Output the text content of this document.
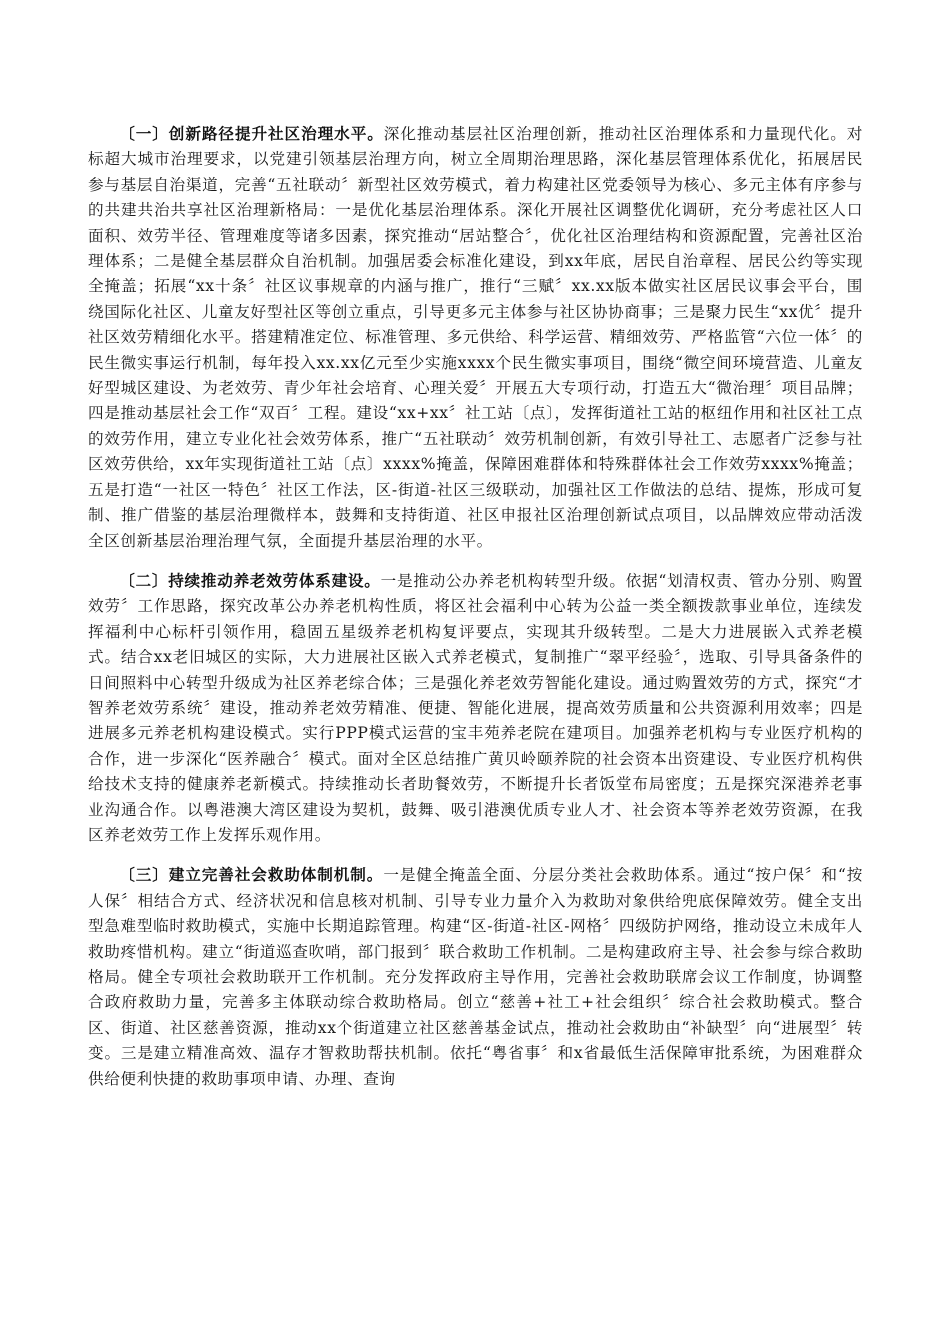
〔一〕创新路径提升社区治理水平。深化推动基层社区治理创新，推动社区治理体系和力量现代化。对标超大城市治理要求，以党建引领基层治理方向，树立全周期治理思路，深化基层管理体系优化，拓展居民参与基层自治渠道，完善“五社联动〞新型社区效劳模式，着力构建社区党委领导为核心、多元主体有序参与的共建共治共享社区治理新格局：一是优化基层治理体系。深化开展社区调整优化调研，充分考虑社区人口面积、效劳半径、管理难度等诸多因素，探究推动“居站整合〞，优化社区治理结构和资源配置，完善社区治理体系；二是健全基层群众自治机制。加强居委会标准化建设，到xx年底，居民自治章程、居民公约等实现全掩盖；拓展“xx十条〞社区议事规章的内涵与推广，推行“三赋〞xx.xx版本做实社区居民议事会平台，围绕国际化社区、儿童友好型社区等创立重点，引导更多元主体参与社区协协商事；三是聚力民生“xx优〞提升社区效劳精细化水平。搭建精准定位、标准管理、多元供给、科学运营、精细效劳、严格监管“六位一体〞的民生微实事运行机制，每年投入xx.xx亿元至少实施xxxx个民生微实事项目，围绕“微空间环境营造、儿童友好型城区建设、为老效劳、青少年社会培育、心理关爱〞开展五大专项行动，打造五大“微治理〞项目品牌；四是推动基层社会工作“双百〞工程。建设“xx+xx〞社工站〔点〕，发挥街道社工站的枢纽作用和社区社工点的效劳作用，建立专业化社会效劳体系，推广“五社联动〞效劳机制创新，有效引导社工、志愿者广泛参与社区效劳供给，xx年实现街道社工站〔点〕xxxx%掩盖，保障困难群体和特殊群体社会工作效劳xxxx%掩盖；五是打造“一社区一特色〞社区工作法，区-街道-社区三级联动，加强社区工作做法的总结、提炼，形成可复制、推广借鉴的基层治理微样本，鼓舞和支持街道、社区申报社区治理创新试点项目，以品牌效应带动活泼全区创新基层治理治理气氛，全面提升基层治理的水平。

〔二〕持续推动养老效劳体系建设。一是推动公办养老机构转型升级。依据“划清权责、管办分别、购置效劳〞工作思路，探究改革公办养老机构性质，将区社会福利中心转为公益一类全额拨款事业单位，连续发挥福利中心标杆引领作用，稳固五星级养老机构复评要点，实现其升级转型。二是大力进展嵌入式养老模式。结合xx老旧城区的实际，大力进展社区嵌入式养老模式，复制推广“翠平经验〞，选取、引导具备条件的日间照料中心转型升级成为社区养老综合体；三是强化养老效劳智能化建设。通过购置效劳的方式，探究“才智养老效劳系统〞建设，推动养老效劳精准、便捷、智能化进展，提高效劳质量和公共资源利用效率；四是进展多元养老机构建设模式。实行PPP模式运营的宝丰苑养老院在建项目。加强养老机构与专业医疗机构的合作，进一步深化“医养融合〞模式。面对全区总结推广黄贝岭颐养院的社会资本出资建设、专业医疗机构供给技术支持的健康养老新模式。持续推动长者助餐效劳，不断提升长者饭堂布局密度；五是探究深港养老事业沟通合作。以粤港澳大湾区建设为契机，鼓舞、吸引港澳优质专业人才、社会资本等养老效劳资源，在我区养老效劳工作上发挥乐观作用。

〔三〕建立完善社会救助体制机制。一是健全掩盖全面、分层分类社会救助体系。通过“按户保〞和“按人保〞相结合方式、经济状况和信息核对机制、引导专业力量介入为救助对象供给兜底保障效劳。健全支出型急难型临时救助模式，实施中长期追踪管理。构建“区-街道-社区-网格〞四级防护网络，推动设立未成年人救助疼惜机构。建立“街道巡查吹哨，部门报到〞联合救助工作机制。二是构建政府主导、社会参与综合救助格局。健全专项社会救助联开工作机制。充分发挥政府主导作用，完善社会救助联席会议工作制度，协调整合政府救助力量，完善多主体联动综合救助格局。创立“慈善+社工+社会组织〞综合社会救助模式。整合区、街道、社区慈善资源，推动xx个街道建立社区慈善基金试点，推动社会救助由“补缺型〞向“进展型〞转变。三是建立精准高效、温存才智救助帮扶机制。依托“粤省事〞和x省最低生活保障审批系统，为困难群众供给便利快捷的救助事项申请、办理、查询
